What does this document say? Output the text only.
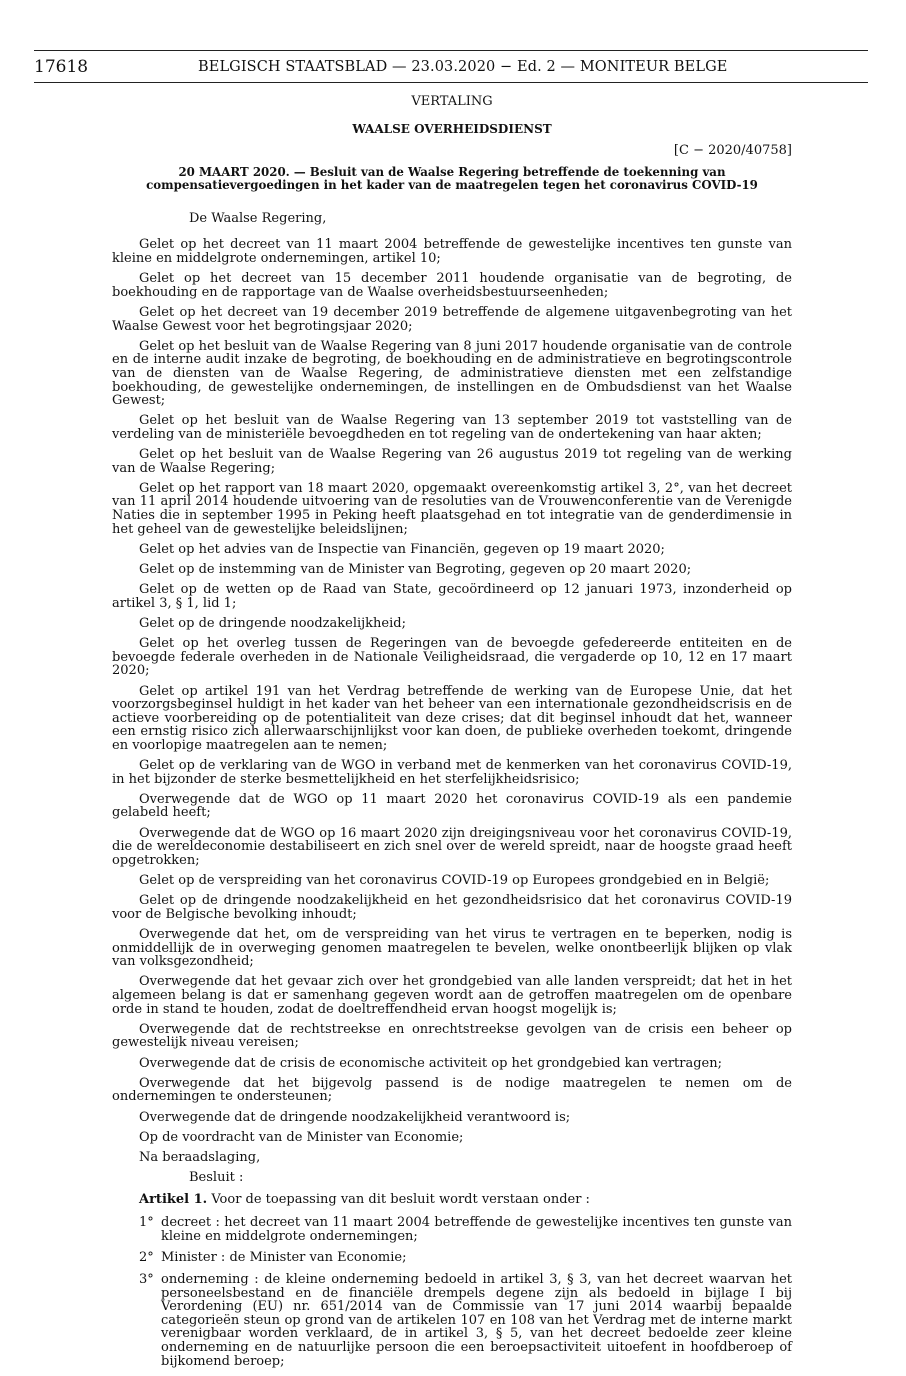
17618	BELGISCH STAATSBLAD — 23.03.2020 − Ed. 2 — MONITEUR BELGE
VERTALING
WAALSE OVERHEIDSDIENST
[C − 2020/40758]
20 MAART 2020. — Besluit van de Waalse Regering betreffende de toekenning van compensatievergoedingen in het kader van de maatregelen tegen het coronavirus COVID-19
De Waalse Regering,
Gelet op het decreet van 11 maart 2004 betreffende de gewestelijke incentives ten gunste van kleine en middelgrote ondernemingen, artikel 10;
Gelet op het decreet van 15 december 2011 houdende organisatie van de begroting, de boekhouding en de rapportage van de Waalse overheidsbestuurseenheden;
Gelet op het decreet van 19 december 2019 betreffende de algemene uitgavenbegroting van het Waalse Gewest voor het begrotingsjaar 2020;
Gelet op het besluit van de Waalse Regering van 8 juni 2017 houdende organisatie van de controle en de interne audit inzake de begroting, de boekhouding en de administratieve en begrotingscontrole van de diensten van de Waalse Regering, de administratieve diensten met een zelfstandige boekhouding, de gewestelijke ondernemingen, de instellingen en de Ombudsdienst van het Waalse Gewest;
Gelet op het besluit van de Waalse Regering van 13 september 2019 tot vaststelling van de verdeling van de ministeriële bevoegdheden en tot regeling van de ondertekening van haar akten;
Gelet op het besluit van de Waalse Regering van 26 augustus 2019 tot regeling van de werking van de Waalse Regering;
Gelet op het rapport van 18 maart 2020, opgemaakt overeenkomstig artikel 3, 2°, van het decreet van 11 april 2014 houdende uitvoering van de resoluties van de Vrouwenconferentie van de Verenigde Naties die in september 1995 in Peking heeft plaatsgehad en tot integratie van de genderdimensie in het geheel van de gewestelijke beleidslijnen;
Gelet op het advies van de Inspectie van Financiën, gegeven op 19 maart 2020;
Gelet op de instemming van de Minister van Begroting, gegeven op 20 maart 2020;
Gelet op de wetten op de Raad van State, gecoördineerd op 12 januari 1973, inzonderheid op artikel 3, § 1, lid 1;
Gelet op de dringende noodzakelijkheid;
Gelet op het overleg tussen de Regeringen van de bevoegde gefedereerde entiteiten en de bevoegde federale overheden in de Nationale Veiligheidsraad, die vergaderde op 10, 12 en 17 maart 2020;
Gelet op artikel 191 van het Verdrag betreffende de werking van de Europese Unie, dat het voorzorgsbeginsel huldigt in het kader van het beheer van een internationale gezondheidscrisis en de actieve voorbereiding op de potentialiteit van deze crises; dat dit beginsel inhoudt dat het, wanneer een ernstig risico zich allerwaarschijnlijkst voor kan doen, de publieke overheden toekomt, dringende en voorlopige maatregelen aan te nemen;
Gelet op de verklaring van de WGO in verband met de kenmerken van het coronavirus COVID-19, in het bijzonder de sterke besmettelijkheid en het sterfelijkheidsrisico;
Overwegende dat de WGO op 11 maart 2020 het coronavirus COVID-19 als een pandemie gelabeld heeft;
Overwegende dat de WGO op 16 maart 2020 zijn dreigingsniveau voor het coronavirus COVID-19, die de wereldeconomie destabiliseert en zich snel over de wereld spreidt, naar de hoogste graad heeft opgetrokken;
Gelet op de verspreiding van het coronavirus COVID-19 op Europees grondgebied en in België;
Gelet op de dringende noodzakelijkheid en het gezondheidsrisico dat het coronavirus COVID-19 voor de Belgische bevolking inhoudt;
Overwegende dat het, om de verspreiding van het virus te vertragen en te beperken, nodig is onmiddellijk de in overweging genomen maatregelen te bevelen, welke onontbeerlijk blijken op vlak van volksgezondheid;
Overwegende dat het gevaar zich over het grondgebied van alle landen verspreidt; dat het in het algemeen belang is dat er samenhang gegeven wordt aan de getroffen maatregelen om de openbare orde in stand te houden, zodat de doeltreffendheid ervan hoogst mogelijk is;
Overwegende dat de rechtstreekse en onrechtstreekse gevolgen van de crisis een beheer op gewestelijk niveau vereisen;
Overwegende dat de crisis de economische activiteit op het grondgebied kan vertragen;
Overwegende dat het bijgevolg passend is de nodige maatregelen te nemen om de ondernemingen te ondersteunen;
Overwegende dat de dringende noodzakelijkheid verantwoord is;
Op de voordracht van de Minister van Economie;
Na beraadslaging,
Besluit :
Artikel 1. Voor de toepassing van dit besluit wordt verstaan onder :
1° decreet : het decreet van 11 maart 2004 betreffende de gewestelijke incentives ten gunste van kleine en middelgrote ondernemingen;
2° Minister : de Minister van Economie;
3° onderneming : de kleine onderneming bedoeld in artikel 3, § 3, van het decreet waarvan het personeelsbestand en de financiële drempels degene zijn als bedoeld in bijlage I bij Verordening (EU) nr. 651/2014 van de Commissie van 17 juni 2014 waarbij bepaalde categorieën steun op grond van de artikelen 107 en 108 van het Verdrag met de interne markt verenigbaar worden verklaard, de in artikel 3, § 5, van het decreet bedoelde zeer kleine onderneming en de natuurlijke persoon die een beroepsactiviteit uitoefent in hoofdberoep of bijkomend beroep;
